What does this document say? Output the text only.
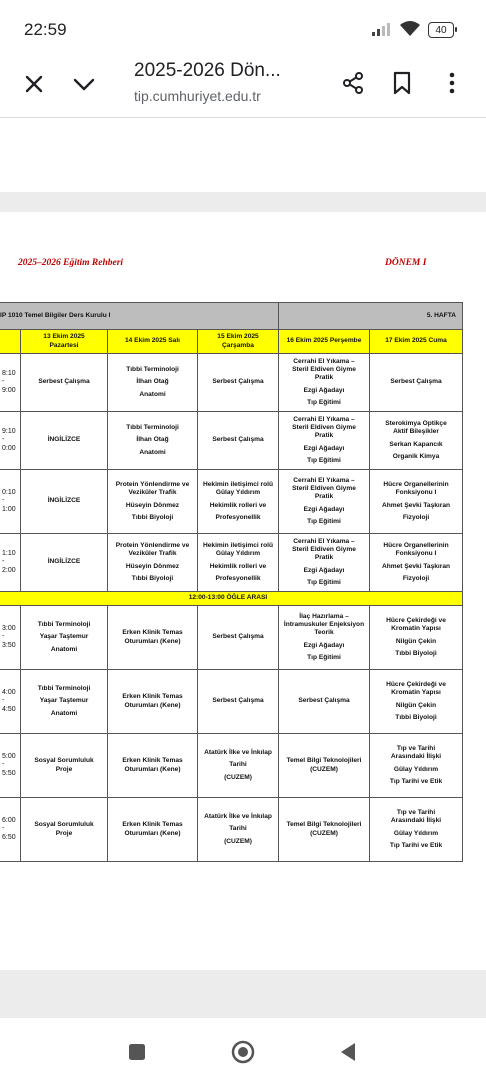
22:59	40
2025-2026 Dön...
tip.cumhuriyet.edu.tr
2025–2026 Eğitim Rehberi	DÖNEM I
IP 1010 Temel Bilgiler Ders Kurulu I				5. HAFTA	

	13 Ekim 2025
Pazartesi	14 Ekim 2025 Salı	15 Ekim 2025
Çarşamba	16 Ekim 2025 Perşembe	17 Ekim 2025 Cuma

8:10
-
9:00	Serbest Çalışma	Tıbbi Terminoloji
İlhan Otağ
Anatomi	Serbest Çalışma	Cerrahi El Yıkama –
Steril Eldiven Giyme
Pratik
Ezgi Ağadayı
Tıp Eğitimi	Serbest Çalışma

9:10
-
0:00	İNGİLİZCE	Tıbbi Terminoloji
İlhan Otağ
Anatomi	Serbest Çalışma	Cerrahi El Yıkama –
Steril Eldiven Giyme
Pratik
Ezgi Ağadayı
Tıp Eğitimi	Sterokimya Optikçe
Aktif Bileşikler
Serkan Kapancık
Organik Kimya

0:10
-
1:00	İNGİLİZCE	Protein Yönlendirme ve
Veziküler Trafik
Hüseyin Dönmez
Tıbbi Biyoloji	Hekimin iletişimci rolü
Gülay Yıldırım
Hekimlik rolleri ve
Profesyonellik	Cerrahi El Yıkama –
Steril Eldiven Giyme
Pratik
Ezgi Ağadayı
Tıp Eğitimi	Hücre Organellerinin
Fonksiyonu I
Ahmet Şevki Taşkıran
Fizyoloji

1:10
-
2:00	İNGİLİZCE	Protein Yönlendirme ve
Veziküler Trafik
Hüseyin Dönmez
Tıbbi Biyoloji	Hekimin iletişimci rolü
Gülay Yıldırım
Hekimlik rolleri ve
Profesyonellik	Cerrahi El Yıkama –
Steril Eldiven Giyme
Pratik
Ezgi Ağadayı
Tıp Eğitimi	Hücre Organellerinin
Fonksiyonu I
Ahmet Şevki Taşkıran
Fizyoloji

12:00-13:00 ÖĞLE ARASI					

3:00
-
3:50	Tıbbi Terminoloji
Yaşar Taştemur
Anatomi	Erken Klinik Temas
Oturumları (Kene)	Serbest Çalışma	İlaç Hazırlama –
İntramuskuler Enjeksiyon
Teorik
Ezgi Ağadayı
Tıp Eğitimi	Hücre Çekirdeği ve
Kromatin Yapısı
Nilgün Çekin
Tıbbi Biyoloji

4:00
-
4:50	Tıbbi Terminoloji
Yaşar Taştemur
Anatomi	Erken Klinik Temas
Oturumları (Kene)	Serbest Çalışma	Serbest Çalışma	Hücre Çekirdeği ve
Kromatin Yapısı
Nilgün Çekin
Tıbbi Biyoloji

5:00
-
5:50	Sosyal Sorumluluk
Proje	Erken Klinik Temas
Oturumları (Kene)	Atatürk İlke ve İnkılap
Tarihi
(CUZEM)	Temel Bilgi Teknolojileri
(CUZEM)	Tıp ve Tarihi
Arasındaki İlişki
Gülay Yıldırım
Tıp Tarihi ve Etik

6:00
-
6:50	Sosyal Sorumluluk
Proje	Erken Klinik Temas
Oturumları (Kene)	Atatürk İlke ve İnkılap
Tarihi
(CUZEM)	Temel Bilgi Teknolojileri
(CUZEM)	Tıp ve Tarihi
Arasındaki İlişki
Gülay Yıldırım
Tıp Tarihi ve Etik
